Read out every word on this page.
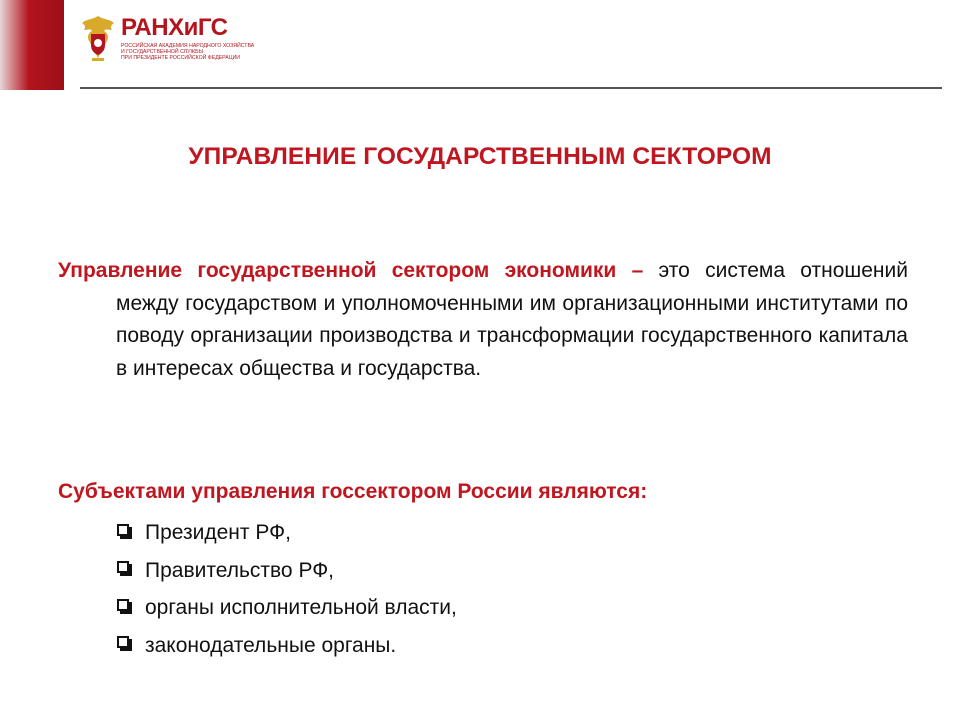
РАНХиГС
РОССИЙСКАЯ АКАДЕМИЯ НАРОДНОГО ХОЗЯЙСТВА
И ГОСУДАРСТВЕННОЙ СЛУЖБЫ
ПРИ ПРЕЗИДЕНТЕ РОССИЙСКОЙ ФЕДЕРАЦИИ
УПРАВЛЕНИЕ ГОСУДАРСТВЕННЫМ СЕКТОРОМ

Управление государственной сектором экономики – это система отношений между государством и уполномоченными им организационными институтами по поводу организации производства и трансформации государственного капитала в интересах общества и государства.

Субъектами управления госсектором России являются:
Президент РФ,
Правительство РФ,
органы исполнительной власти,
законодательные органы.
